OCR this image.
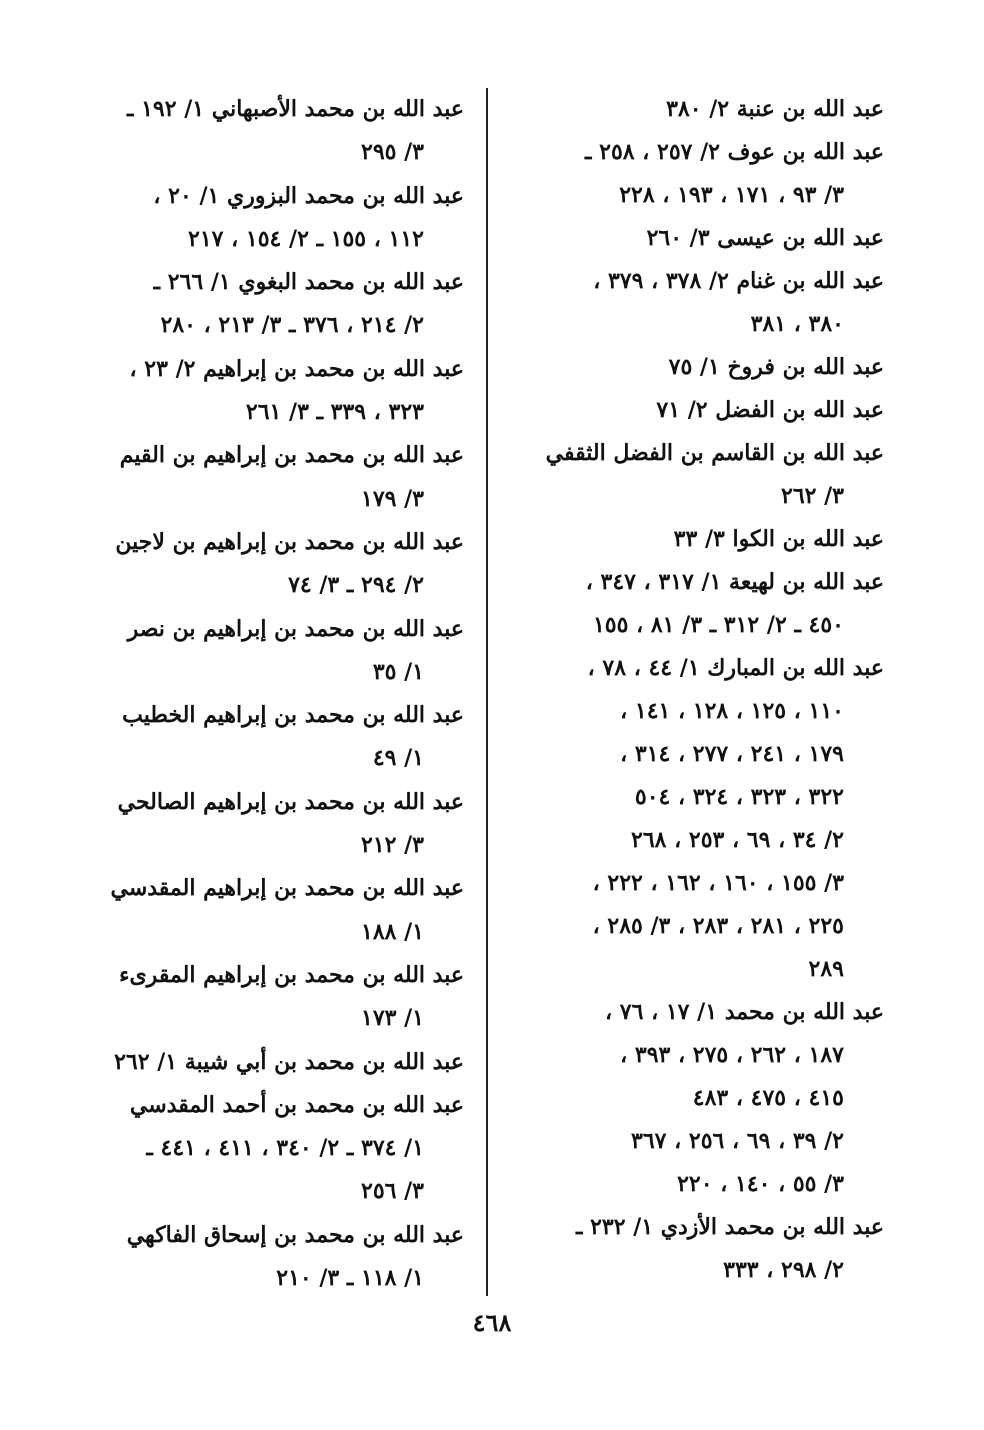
عبد الله بن عنبة ٢/ ٣٨٠
عبد الله بن عوف ٢/ ٢٥٧ ، ٢٥٨ ـ
٣/ ٩٣ ، ١٧١ ، ١٩٣ ، ٢٢٨
عبد الله بن عيسى ٣/ ٢٦٠
عبد الله بن غنام ٢/ ٣٧٨ ، ٣٧٩ ،
٣٨٠ ، ٣٨١
عبد الله بن فروخ ١/ ٧٥
عبد الله بن الفضل ٢/ ٧١
عبد الله بن القاسم بن الفضل الثقفي
٣/ ٢٦٢
عبد الله بن الكوا ٣/ ٣٣
عبد الله بن لهيعة ١/ ٣١٧ ، ٣٤٧ ،
٤٥٠ ـ ٢/ ٣١٢ ـ ٣/ ٨١ ، ١٥٥
عبد الله بن المبارك ١/ ٤٤ ، ٧٨ ،
١١٠ ، ١٢٥ ، ١٢٨ ، ١٤١ ،
١٧٩ ، ٢٤١ ، ٢٧٧ ، ٣١٤ ،
٣٢٢ ، ٣٢٣ ، ٣٢٤ ، ٥٠٤
٢/ ٣٤ ، ٦٩ ، ٢٥٣ ، ٢٦٨
٣/ ١٥٥ ، ١٦٠ ، ١٦٢ ، ٢٢٢ ،
٢٢٥ ، ٢٨١ ، ٢٨٣ ، ٣/ ٢٨٥ ،
٢٨٩
عبد الله بن محمد ١/ ١٧ ، ٧٦ ،
١٨٧ ، ٢٦٢ ، ٢٧٥ ، ٣٩٣ ،
٤١٥ ، ٤٧٥ ، ٤٨٣
٢/ ٣٩ ، ٦٩ ، ٢٥٦ ، ٣٦٧
٣/ ٥٥ ، ١٤٠ ، ٢٢٠
عبد الله بن محمد الأزدي ١/ ٢٣٢ ـ
٢/ ٢٩٨ ، ٣٣٣
عبد الله بن محمد الأصبهاني ١/ ١٩٢ ـ
٣/ ٢٩٥
عبد الله بن محمد البزوري ١/ ٢٠ ،
١١٢ ، ١٥٥ ـ ٢/ ١٥٤ ، ٢١٧
عبد الله بن محمد البغوي ١/ ٢٦٦ ـ
٢/ ٢١٤ ، ٣٧٦ ـ ٣/ ٢١٣ ، ٢٨٠
عبد الله بن محمد بن إبراهيم ٢/ ٢٣ ،
٣٢٣ ، ٣٣٩ ـ ٣/ ٢٦١
عبد الله بن محمد بن إبراهيم بن القيم
٣/ ١٧٩
عبد الله بن محمد بن إبراهيم بن لاجين
٢/ ٢٩٤ ـ ٣/ ٧٤
عبد الله بن محمد بن إبراهيم بن نصر
١/ ٣٥
عبد الله بن محمد بن إبراهيم الخطيب
١/ ٤٩
عبد الله بن محمد بن إبراهيم الصالحي
٣/ ٢١٢
عبد الله بن محمد بن إبراهيم المقدسي
١/ ١٨٨
عبد الله بن محمد بن إبراهيم المقرىء
١/ ١٧٣
عبد الله بن محمد بن أبي شيبة ١/ ٢٦٢
عبد الله بن محمد بن أحمد المقدسي
١/ ٣٧٤ ـ ٢/ ٣٤٠ ، ٤١١ ، ٤٤١ ـ
٣/ ٢٥٦
عبد الله بن محمد بن إسحاق الفاكهي
١/ ١١٨ ـ ٣/ ٢١٠
٤٦٨
